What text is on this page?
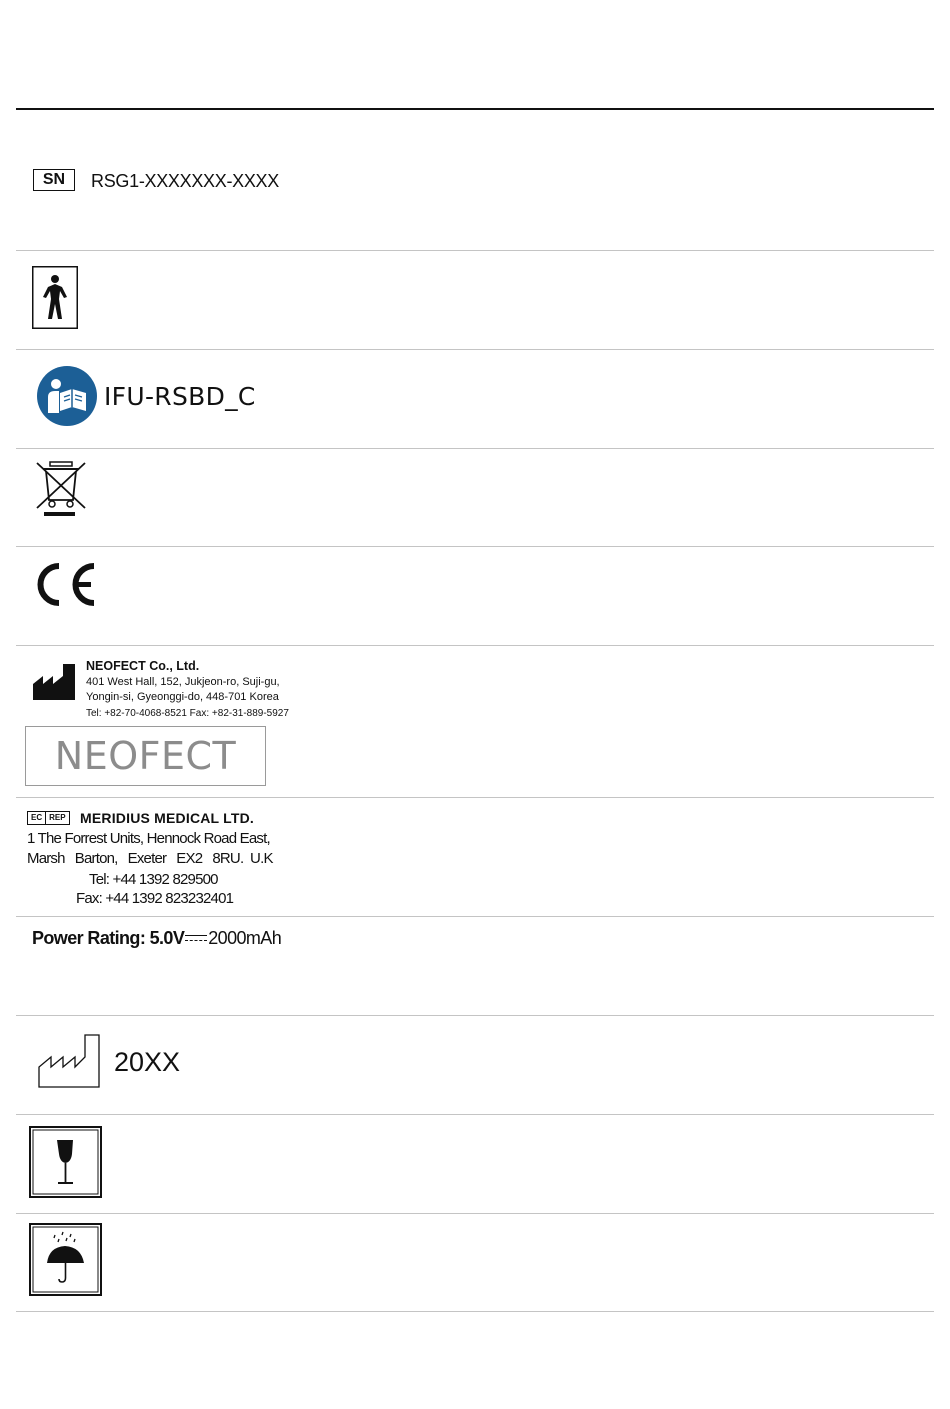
SN RSG1-XXXXXXX-XXXX
IFU-RSBD_C
NEOFECT Co., Ltd.
401 West Hall, 152, Jukjeon-ro, Suji-gu,
Yongin-si, Gyeonggi-do, 448-701 Korea
Tel: +82-70-4068-8521 Fax: +82-31-889-5927
NEOFECT
EC REP MERIDIUS MEDICAL LTD.
1 The Forrest Units, Hennock Road East,
Marsh   Barton,   Exeter   EX2   8RU.  U.K
Tel: +44 1392 829500
Fax: +44 1392 823232401
Power Rating: 5.0V 2000mAh
20XX
